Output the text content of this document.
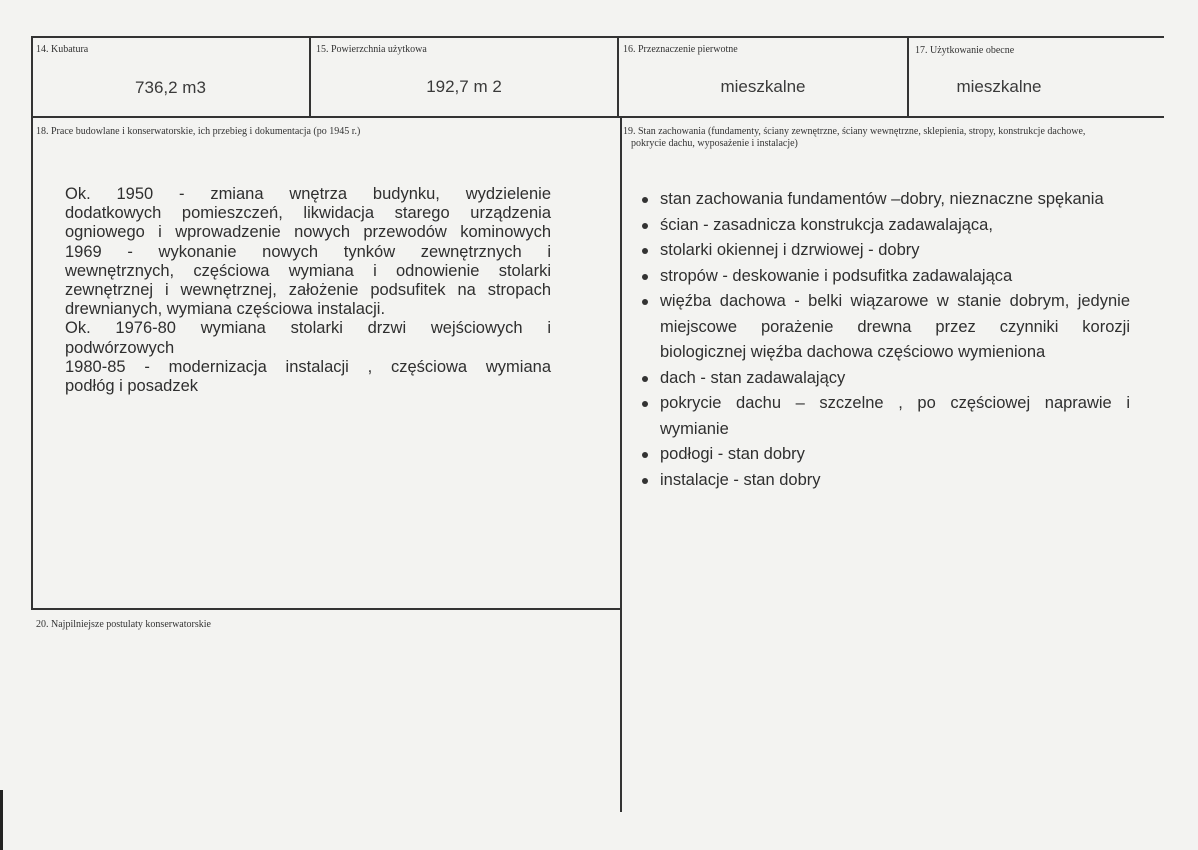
14. Kubatura
736,2 m3
15. Powierzchnia użytkowa
192,7 m 2
16. Przeznaczenie pierwotne
mieszkalne
17. Użytkowanie obecne
mieszkalne
18. Prace budowlane i konserwatorskie, ich przebieg i dokumentacja (po 1945 r.)
Ok. 1950 - zmiana wnętrza budynku, wydzielenie
dodatkowych pomieszczeń, likwidacja starego urządzenia
ogniowego i wprowadzenie nowych przewodów kominowych
1969 - wykonanie nowych tynków zewnętrznych i
wewnętrznych, częściowa wymiana i odnowienie stolarki
zewnętrznej i wewnętrznej, założenie podsufitek na stropach
drewnianych, wymiana częściowa instalacji.
Ok. 1976-80 wymiana stolarki drzwi wejściowych i
podwórzowych
1980-85 - modernizacja instalacji , częściowa wymiana
podłóg i posadzek
19. Stan zachowania (fundamenty, ściany zewnętrzne, ściany wewnętrzne, sklepienia, stropy, konstrukcje dachowe,
pokrycie dachu, wyposażenie i instalacje)
stan zachowania fundamentów –dobry, nieznaczne spękania
ścian - zasadnicza konstrukcja zadawalająca,
stolarki okiennej i dzrwiowej - dobry
stropów - deskowanie i podsufitka zadawalająca
więźba dachowa - belki wiązarowe w stanie dobrym, jedynie
miejscowe porażenie drewna przez czynniki korozji
biologicznej więźba dachowa częściowo wymieniona
dach - stan zadawalający
pokrycie dachu – szczelne , po częściowej naprawie i
wymianie
podłogi - stan dobry
instalacje - stan dobry
20. Najpilniejsze postulaty konserwatorskie
